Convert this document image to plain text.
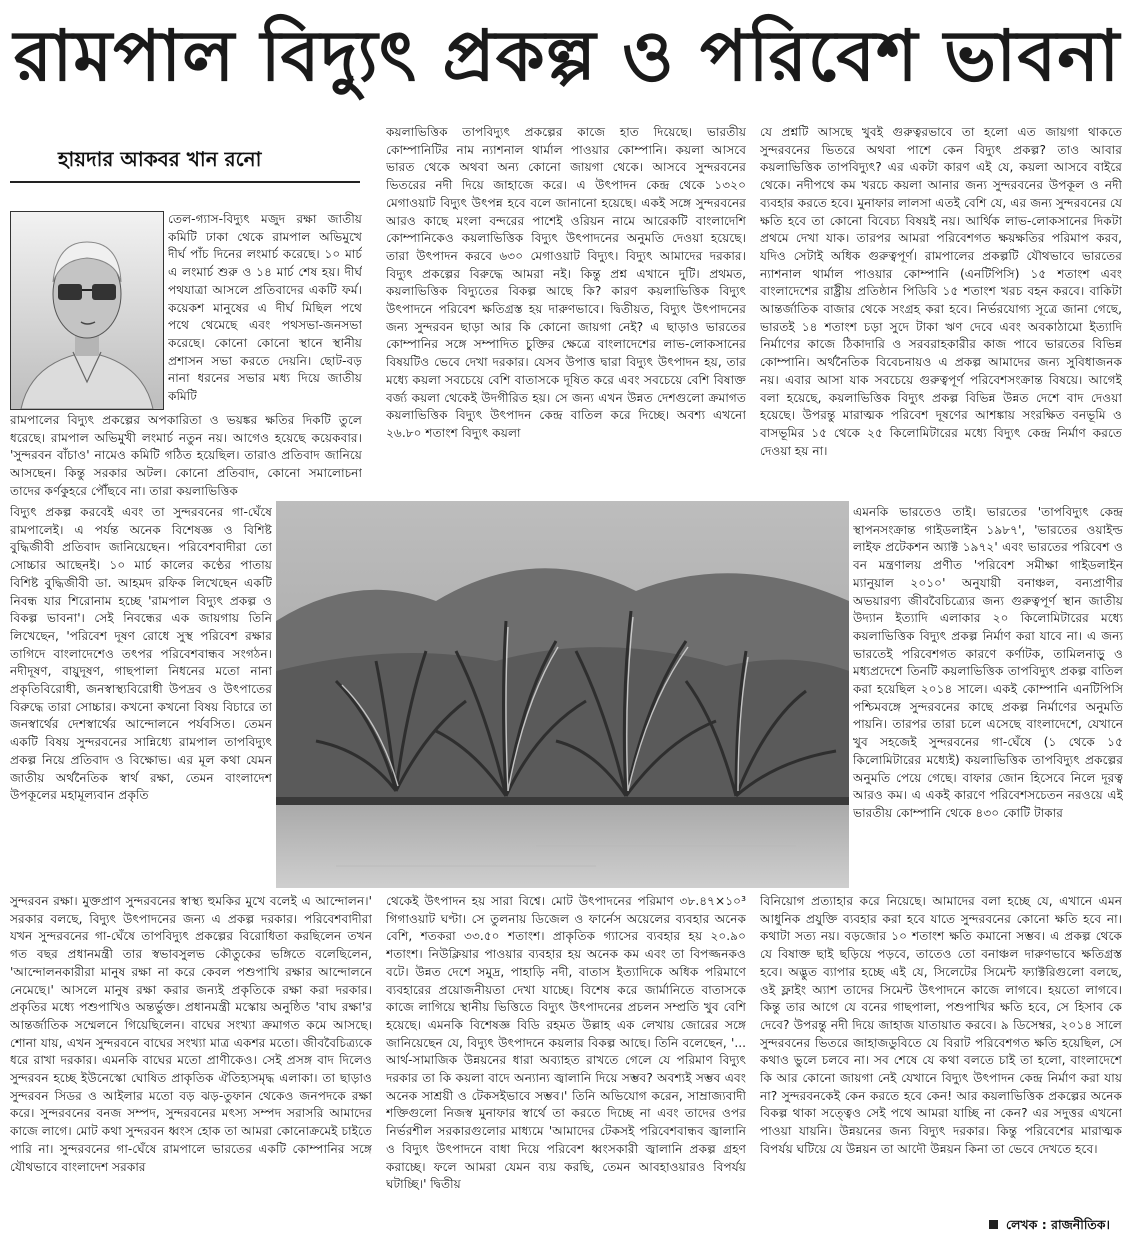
রামপাল বিদ্যুৎ প্রকল্প ও পরিবেশ ভাবনা
হায়দার আকবর খান রনো

তেল-গ্যাস-বিদ্যুৎ মজুদ রক্ষা জাতীয় কমিটি ঢাকা থেকে রামপাল অভিমুখে দীর্ঘ পাঁচ দিনের লংমার্চ করেছে। ১০ মার্চ এ লংমার্চ শুরু ও ১৪ মার্চ শেষ হয়। দীর্ঘ পথযাত্রা আসলে প্রতিবাদের একটি ফর্ম। কয়েকশ মানুষের এ দীর্ঘ মিছিল পথে পথে থেমেছে এবং পথসভা-জনসভা করেছে। কোনো কোনো স্থানে স্থানীয় প্রশাসন সভা করতে দেয়নি। ছোট-বড় নানা ধরনের সভার মধ্য দিয়ে জাতীয় কমিটি

রামপালের বিদ্যুৎ প্রকল্পের অপকারিতা ও ভয়ঙ্কর ক্ষতির দিকটি তুলে ধরেছে। রামপাল অভিমুখী লংমার্চ নতুন নয়। আগেও হয়েছে কয়েকবার। 'সুন্দরবন বাঁচাও' নামেও কমিটি গঠিত হয়েছিল। তারাও প্রতিবাদ জানিয়ে আসছেন। কিন্তু সরকার অটল। কোনো প্রতিবাদ, কোনো সমালোচনা তাদের কর্ণকুহরে পৌঁছবে না। তারা কয়লাভিত্তিক

বিদ্যুৎ প্রকল্প করবেই এবং তা সুন্দরবনের গা-ঘেঁষে রামপালেই। এ পর্যন্ত অনেক বিশেষজ্ঞ ও বিশিষ্ট বুদ্ধিজীবী প্রতিবাদ জানিয়েছেন। পরিবেশবাদীরা তো সোচ্চার আছেনই। ১০ মার্চ কালের কণ্ঠের পাতায় বিশিষ্ট বুদ্ধিজীবী ডা. আহমদ রফিক লিখেছেন একটি নিবন্ধ যার শিরোনাম হচ্ছে 'রামপাল বিদ্যুৎ প্রকল্প ও বিকল্প ভাবনা'। সেই নিবন্ধের এক জায়গায় তিনি লিখেছেন, 'পরিবেশ দূষণ রোধে সুস্থ পরিবেশ রক্ষার তাগিদে বাংলাদেশেও তৎপর পরিবেশবান্ধব সংগঠন। নদীদূষণ, বায়ুদূষণ, গাছপালা নিধনের মতো নানা প্রকৃতিবিরোধী, জনস্বাস্থ্যবিরোধী উপদ্রব ও উৎপাতের বিরুদ্ধে তারা সোচ্চার। কখনো কখনো বিষয় বিচারে তা জনস্বার্থের দেশস্বার্থের আন্দোলনে পর্যবসিত। তেমন একটি বিষয় সুন্দরবনের সান্নিধ্যে রামপাল তাপবিদ্যুৎ প্রকল্প নিয়ে প্রতিবাদ ও বিক্ষোভ। এর মূল কথা যেমন জাতীয় অর্থনৈতিক স্বার্থ রক্ষা, তেমন বাংলাদেশ উপকূলের মহামূল্যবান প্রকৃতি

সুন্দরবন রক্ষা। মুক্তপ্রাণ সুন্দরবনের স্বাস্থ্য হুমকির মুখে বলেই এ আন্দোলন।' সরকার বলছে, বিদ্যুৎ উৎপাদনের জন্য এ প্রকল্প দরকার। পরিবেশবাদীরা যখন সুন্দরবনের গা-ঘেঁষে তাপবিদ্যুৎ প্রকল্পের বিরোধিতা করছিলেন তখন গত বছর প্রধানমন্ত্রী তার স্বভাবসুলভ কৌতুকের ভঙ্গিতে বলেছিলেন, 'আন্দোলনকারীরা মানুষ রক্ষা না করে কেবল পশুপাখি রক্ষার আন্দোলনে নেমেছে।' আসলে মানুষ রক্ষা করার জন্যই প্রকৃতিকে রক্ষা করা দরকার। প্রকৃতির মধ্যে পশুপাখিও অন্তর্ভুক্ত। প্রধানমন্ত্রী মস্কোয় অনুষ্ঠিত 'বাঘ রক্ষা'র আন্তর্জাতিক সম্মেলনে গিয়েছিলেন। বাঘের সংখ্যা ক্রমাগত কমে আসছে। শোনা যায়, এখন সুন্দরবনে বাঘের সংখ্যা মাত্র একশর মতো। জীববৈচিত্র্যকে ধরে রাখা দরকার। এমনকি বাঘের মতো প্রাণীকেও। সেই প্রসঙ্গ বাদ দিলেও সুন্দরবন হচ্ছে ইউনেস্কো ঘোষিত প্রাকৃতিক ঐতিহ্যসমৃদ্ধ এলাকা। তা ছাড়াও সুন্দরবন সিডর ও আইলার মতো বড় ঝড়-তুফান থেকেও জনপদকে রক্ষা করে। সুন্দরবনের বনজ সম্পদ, সুন্দরবনের মৎস্য সম্পদ সরাসরি আমাদের কাজে লাগে। মোট কথা সুন্দরবন ধ্বংস হোক তা আমরা কোনোক্রমেই চাইতে পারি না। সুন্দরবনের গা-ঘেঁষে রামপালে ভারতের একটি কোম্পানির সঙ্গে যৌথভাবে বাংলাদেশ সরকার

কয়লাভিত্তিক তাপবিদ্যুৎ প্রকল্পের কাজে হাত দিয়েছে। ভারতীয় কোম্পানিটির নাম ন্যাশনাল থার্মাল পাওয়ার কোম্পানি। কয়লা আসবে ভারত থেকে অথবা অন্য কোনো জায়গা থেকে। আসবে সুন্দরবনের ভিতরের নদী দিয়ে জাহাজে করে। এ উৎপাদন কেন্দ্র থেকে ১৩২০ মেগাওয়াট বিদ্যুৎ উৎপন্ন হবে বলে জানানো হয়েছে। একই সঙ্গে সুন্দরবনের আরও কাছে মংলা বন্দরের পাশেই ওরিয়ন নামে আরেকটি বাংলাদেশি কোম্পানিকেও কয়লাভিত্তিক বিদ্যুৎ উৎপাদনের অনুমতি দেওয়া হয়েছে। তারা উৎপাদন করবে ৬৩০ মেগাওয়াট বিদ্যুৎ। বিদ্যুৎ আমাদের দরকার। বিদ্যুৎ প্রকল্পের বিরুদ্ধে আমরা নই। কিন্তু প্রশ্ন এখানে দুটি। প্রথমত, কয়লাভিত্তিক বিদ্যুতের বিকল্প আছে কি? কারণ কয়লাভিত্তিক বিদ্যুৎ উৎপাদনে পরিবেশ ক্ষতিগ্রস্ত হয় দারুণভাবে। দ্বিতীয়ত, বিদ্যুৎ উৎপাদনের জন্য সুন্দরবন ছাড়া আর কি কোনো জায়গা নেই? এ ছাড়াও ভারতের কোম্পানির সঙ্গে সম্পাদিত চুক্তির ক্ষেত্রে বাংলাদেশের লাভ-লোকসানের বিষয়টিও ভেবে দেখা দরকার। যেসব উপাত্ত দ্বারা বিদ্যুৎ উৎপাদন হয়, তার মধ্যে কয়লা সবচেয়ে বেশি বাতাসকে দূষিত করে এবং সবচেয়ে বেশি বিষাক্ত বর্জ্য কয়লা থেকেই উদগীরিত হয়। সে জন্য এখন উন্নত দেশগুলো ক্রমাগত কয়লাভিত্তিক বিদ্যুৎ উৎপাদন কেন্দ্র বাতিল করে দিচ্ছে। অবশ্য এখনো ২৬.৮০ শতাংশ বিদ্যুৎ কয়লা

থেকেই উৎপাদন হয় সারা বিশ্বে। মোট উৎপাদনের পরিমাণ ৩৮.৪৭×১০³ গিগাওয়াট ঘণ্টা। সে তুলনায় ডিজেল ও ফার্নেস অয়েলের ব্যবহার অনেক বেশি, শতকরা ৩৩.৫০ শতাংশ। প্রাকৃতিক গ্যাসের ব্যবহার হয় ২০.৯০ শতাংশ। নিউক্লিয়ার পাওয়ার ব্যবহার হয় অনেক কম এবং তা বিপজ্জনকও বটে। উন্নত দেশে সমুদ্র, পাহাড়ি নদী, বাতাস ইত্যাদিকে অধিক পরিমাণে ব্যবহারের প্রয়োজনীয়তা দেখা যাচ্ছে। বিশেষ করে জার্মানিতে বাতাসকে কাজে লাগিয়ে স্থানীয় ভিত্তিতে বিদ্যুৎ উৎপাদনের প্রচলন সম্প্রতি খুব বেশি হয়েছে। এমনকি বিশেষজ্ঞ বিডি রহমত উল্লাহ এক লেখায় জোরের সঙ্গে জানিয়েছেন যে, বিদ্যুৎ উৎপাদনে কয়লার বিকল্প আছে। তিনি বলেছেন, '... আর্থ-সামাজিক উন্নয়নের ধারা অব্যাহত রাখতে গেলে যে পরিমাণ বিদ্যুৎ দরকার তা কি কয়লা বাদে অন্যান্য জ্বালানি দিয়ে সম্ভব? অবশ্যই সম্ভব এবং অনেক সাশ্রয়ী ও টেকসইভাবে সম্ভব।' তিনি অভিযোগ করেন, সাম্রাজ্যবাদী শক্তিগুলো নিজস্ব মুনাফার স্বার্থে তা করতে দিচ্ছে না এবং তাদের ওপর নির্ভরশীল সরকারগুলোর মাধ্যমে 'আমাদের টেকসই পরিবেশবান্ধব জ্বালানি ও বিদ্যুৎ উৎপাদনে বাধা দিয়ে পরিবেশ ধ্বংসকারী জ্বালানি প্রকল্প গ্রহণ করাচ্ছে। ফলে আমরা যেমন ব্যয় করছি, তেমন আবহাওয়ারও বিপর্যয় ঘটাচ্ছি।' দ্বিতীয়

যে প্রশ্নটি আসছে খুবই গুরুত্বরভাবে তা হলো এত জায়গা থাকতে সুন্দরবনের ভিতরে অথবা পাশে কেন বিদ্যুৎ প্রকল্প? তাও আবার কয়লাভিত্তিক তাপবিদ্যুৎ? এর একটা কারণ এই যে, কয়লা আসবে বাইরে থেকে। নদীপথে কম খরচে কয়লা আনার জন্য সুন্দরবনের উপকূল ও নদী ব্যবহার করতে হবে। মুনাফার লালসা এতই বেশি যে, এর জন্য সুন্দরবনের যে ক্ষতি হবে তা কোনো বিবেচ্য বিষয়ই নয়। আর্থিক লাভ-লোকসানের দিকটা প্রথমে দেখা যাক। তারপর আমরা পরিবেশগত ক্ষয়ক্ষতির পরিমাপ করব, যদিও সেটাই অধিক গুরুত্বপূর্ণ। রামপালের প্রকল্পটি যৌথভাবে ভারতের ন্যাশনাল থার্মাল পাওয়ার কোম্পানি (এনটিপিসি) ১৫ শতাংশ এবং বাংলাদেশের রাষ্ট্রীয় প্রতিষ্ঠান পিডিবি ১৫ শতাংশ খরচ বহন করবে। বাকিটা আন্তর্জাতিক বাজার থেকে সংগ্রহ করা হবে। নির্ভরযোগ্য সূত্রে জানা গেছে, ভারতই ১৪ শতাংশ চড়া সুদে টাকা ঋণ দেবে এবং অবকাঠামো ইত্যাদি নির্মাণের কাজে ঠিকাদারি ও সরবরাহকারীর কাজ পাবে ভারতের বিভিন্ন কোম্পানি। অর্থনৈতিক বিবেচনায়ও এ প্রকল্প আমাদের জন্য সুবিধাজনক নয়। এবার আসা যাক সবচেয়ে গুরুত্বপূর্ণ পরিবেশসংক্রান্ত বিষয়ে। আগেই বলা হয়েছে, কয়লাভিত্তিক বিদ্যুৎ প্রকল্প বিভিন্ন উন্নত দেশে বাদ দেওয়া হয়েছে। উপরন্তু মারাত্মক পরিবেশ দূষণের আশঙ্কায় সংরক্ষিত বনভূমি ও বাসভূমির ১৫ থেকে ২৫ কিলোমিটারের মধ্যে বিদ্যুৎ কেন্দ্র নির্মাণ করতে দেওয়া হয় না।

এমনকি ভারতেও তাই। ভারতের 'তাপবিদ্যুৎ কেন্দ্র স্থাপনসংক্রান্ত গাইডলাইন ১৯৮৭', 'ভারতের ওয়াইল্ড লাইফ প্রটেকশন অ্যাক্ট ১৯৭২' এবং ভারতের পরিবেশ ও বন মন্ত্রণালয় প্রণীত 'পরিবেশ সমীক্ষা গাইডলাইন ম্যানুয়াল ২০১০' অনুযায়ী বনাঞ্চল, বন্যপ্রাণীর অভয়ারণ্য জীববৈচিত্র্যের জন্য গুরুত্বপূর্ণ স্থান জাতীয় উদ্যান ইত্যাদি এলাকার ২০ কিলোমিটারের মধ্যে কয়লাভিত্তিক বিদ্যুৎ প্রকল্প নির্মাণ করা যাবে না। এ জন্য ভারতেই পরিবেশগত কারণে কর্ণাটক, তামিলনাড়ু ও মধ্যপ্রদেশে তিনটি কয়লাভিত্তিক তাপবিদ্যুৎ প্রকল্প বাতিল করা হয়েছিল ২০১৪ সালে। একই কোম্পানি এনটিপিসি পশ্চিমবঙ্গে সুন্দরবনের কাছে প্রকল্প নির্মাণের অনুমতি পায়নি। তারপর তারা চলে এসেছে বাংলাদেশে, যেখানে খুব সহজেই সুন্দরবনের গা-ঘেঁষে (১ থেকে ১৫ কিলোমিটারের মধ্যেই) কয়লাভিত্তিক তাপবিদ্যুৎ প্রকল্পের অনুমতি পেয়ে গেছে। বাফার জোন হিসেবে নিলে দূরত্ব আরও কম। এ একই কারণে পরিবেশসচেতন নরওয়ে এই ভারতীয় কোম্পানি থেকে ৪৩০ কোটি টাকার

বিনিয়োগ প্রত্যাহার করে নিয়েছে। আমাদের বলা হচ্ছে যে, এখানে এমন আধুনিক প্রযুক্তি ব্যবহার করা হবে যাতে সুন্দরবনের কোনো ক্ষতি হবে না। কথাটা সত্য নয়। বড়জোর ১০ শতাংশ ক্ষতি কমানো সম্ভব। এ প্রকল্প থেকে যে বিষাক্ত ছাই ছড়িয়ে পড়বে, তাতেও তো বনাঞ্চল দারুণভাবে ক্ষতিগ্রস্ত হবে। অদ্ভুত ব্যাপার হচ্ছে এই যে, সিলেটের সিমেন্ট ফ্যাক্টরিগুলো বলছে, ওই ফ্লাইং অ্যাশ তাদের সিমেন্ট উৎপাদনে কাজে লাগবে। হয়তো লাগবে। কিন্তু তার আগে যে বনের গাছপালা, পশুপাখির ক্ষতি হবে, সে হিসাব কে দেবে? উপরন্তু নদী দিয়ে জাহাজ যাতায়াত করবে। ৯ ডিসেম্বর, ২০১৪ সালে সুন্দরবনের ভিতরে জাহাজডুবিতে যে বিরাট পরিবেশগত ক্ষতি হয়েছিল, সে কথাও ভুলে চলবে না। সব শেষে যে কথা বলতে চাই তা হলো, বাংলাদেশে কি আর কোনো জায়গা নেই যেখানে বিদ্যুৎ উৎপাদন কেন্দ্র নির্মাণ করা যায় না? সুন্দরবনকেই কেন করতে হবে কেন! আর কয়লাভিত্তিক প্রকল্পের অনেক বিকল্প থাকা সত্ত্বেও সেই পথে আমরা যাচ্ছি না কেন? এর সদুত্তর এখনো পাওয়া যায়নি। উন্নয়নের জন্য বিদ্যুৎ দরকার। কিন্তু পরিবেশের মারাত্মক বিপর্যয় ঘটিয়ে যে উন্নয়ন তা আদৌ উন্নয়ন কিনা তা ভেবে দেখতে হবে।

লেখক : রাজনীতিক।
